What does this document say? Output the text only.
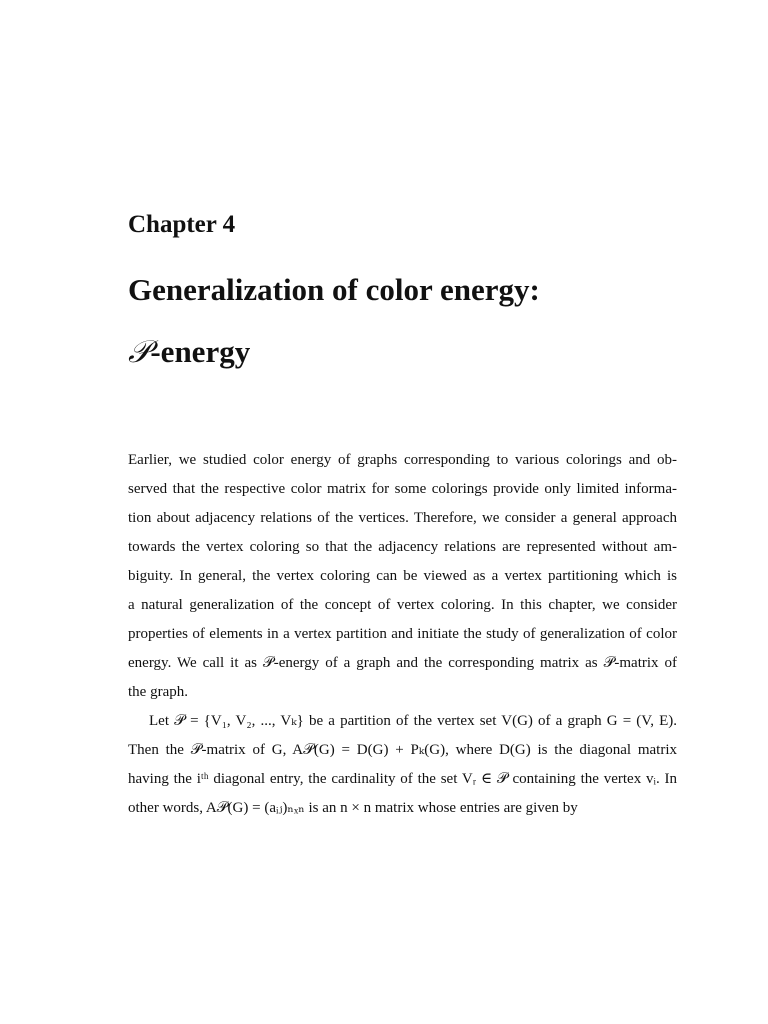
Chapter 4
Generalization of color energy:
𝒫-energy
Earlier, we studied color energy of graphs corresponding to various colorings and ob-
served that the respective color matrix for some colorings provide only limited informa-
tion about adjacency relations of the vertices. Therefore, we consider a general approach
towards the vertex coloring so that the adjacency relations are represented without am-
biguity. In general, the vertex coloring can be viewed as a vertex partitioning which is
a natural generalization of the concept of vertex coloring. In this chapter, we consider
properties of elements in a vertex partition and initiate the study of generalization of color
energy. We call it as 𝒫-energy of a graph and the corresponding matrix as 𝒫-matrix of
the graph.
Let 𝒫 = {V₁, V₂, ..., Vₖ} be a partition of the vertex set V(G) of a graph G = (V, E).
Then the 𝒫-matrix of G, A𝒫(G) = D(G) + Pₖ(G), where D(G) is the diagonal matrix
having the iᵗʰ diagonal entry, the cardinality of the set Vᵣ ∈ 𝒫 containing the vertex vᵢ. In
other words, A𝒫(G) = (aᵢⱼ)ₙₓₙ is an n × n matrix whose entries are given by
